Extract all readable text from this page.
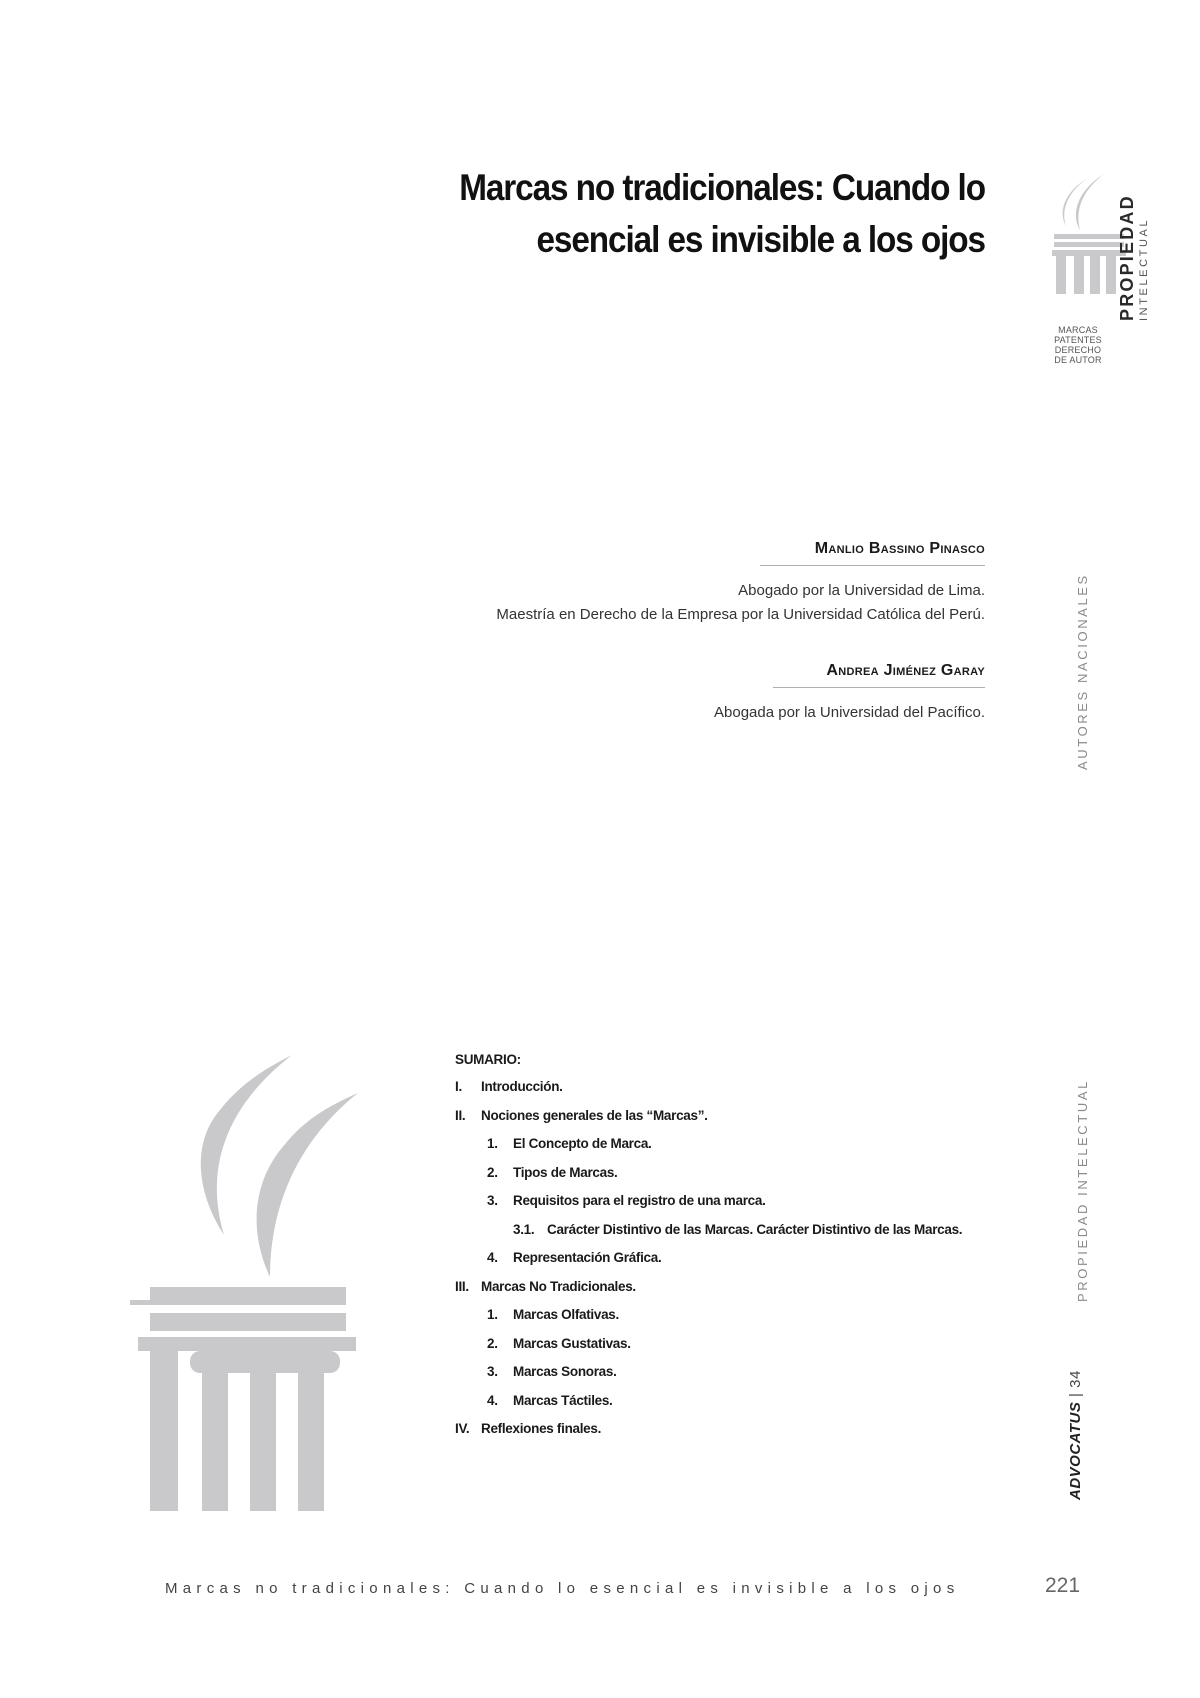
Marcas no tradicionales: Cuando lo
esencial es invisible a los ojos	PROPIEDAD INTELECTUAL
MARCAS
PATENTES
DERECHO
DE AUTOR
Manlio Bassino Pinasco
Abogado por la Universidad de Lima.
Maestría en Derecho de la Empresa por la Universidad Católica del Perú.
Andrea Jiménez Garay
Abogada por la Universidad del Pacífico.	AUTORES NACIONALES
PROPIEDAD INTELECTUAL
ADVOCATUS | 34
SUMARIO:
I. Introducción.
II. Nociones generales de las “Marcas”.
1. El Concepto de Marca.
2. Tipos de Marcas.
3. Requisitos para el registro de una marca.
3.1. Carácter Distintivo de las Marcas. Carácter Distintivo de las Marcas.
4. Representación Gráfica.
III. Marcas No Tradicionales.
1. Marcas Olfativas.
2. Marcas Gustativas.
3. Marcas Sonoras.
4. Marcas Táctiles.
IV. Reflexiones finales.
Marcas no tradicionales: Cuando lo esencial es invisible a los ojos	221
